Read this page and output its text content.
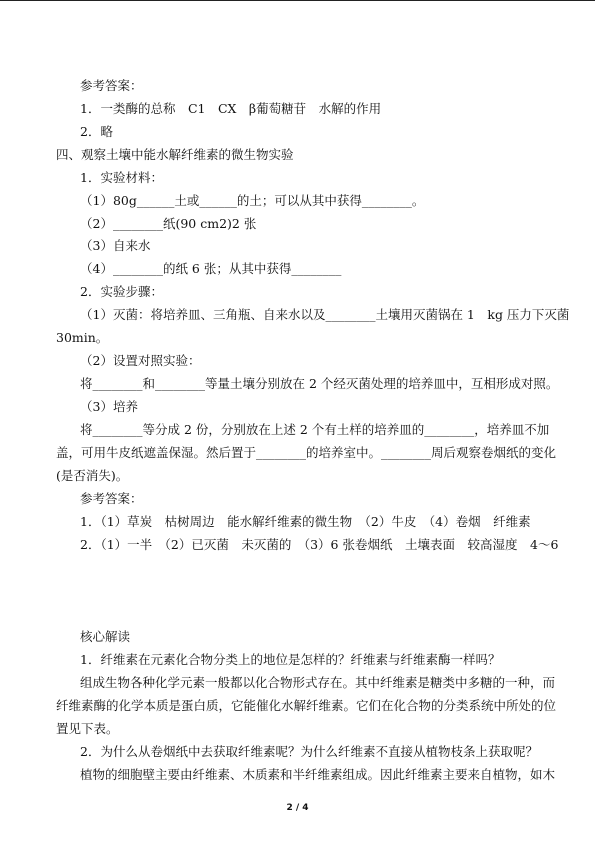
参考答案：
1．一类酶的总称　C1　CX　β葡萄糖苷　水解的作用
2．略
四、观察土壤中能水解纤维素的微生物实验
1．实验材料：
（1）80g______土或______的土；可以从其中获得________。
（2）________纸(90 cm2)2 张
（3）自来水
（4）________的纸 6 张；从其中获得________
2．实验步骤：
（1）灭菌：将培养皿、三角瓶、自来水以及________土壤用灭菌锅在 1　kg 压力下灭菌
30min。
（2）设置对照实验：
将________和________等量土壤分别放在 2 个经灭菌处理的培养皿中，互相形成对照。
（3）培养
将________等分成 2 份，分别放在上述 2 个有土样的培养皿的________，培养皿不加
盖，可用牛皮纸遮盖保湿。然后置于________的培养室中。________周后观察卷烟纸的变化
(是否消失)。
参考答案：
1．（1）草炭　枯树周边　能水解纤维素的微生物　（2）牛皮　（4）卷烟　纤维素
2．（1）一半　（2）已灭菌　未灭菌的　（3）6 张卷烟纸　土壤表面　较高湿度　4～6
核心解读
1．纤维素在元素化合物分类上的地位是怎样的？纤维素与纤维素酶一样吗？
组成生物各种化学元素一般都以化合物形式存在。其中纤维素是糖类中多糖的一种，而
纤维素酶的化学本质是蛋白质，它能催化水解纤维素。它们在化合物的分类系统中所处的位
置见下表。
2．为什么从卷烟纸中去获取纤维素呢？为什么纤维素不直接从植物枝条上获取呢？
植物的细胞壁主要由纤维素、木质素和半纤维素组成。因此纤维素主要来自植物，如木
2 / 4
